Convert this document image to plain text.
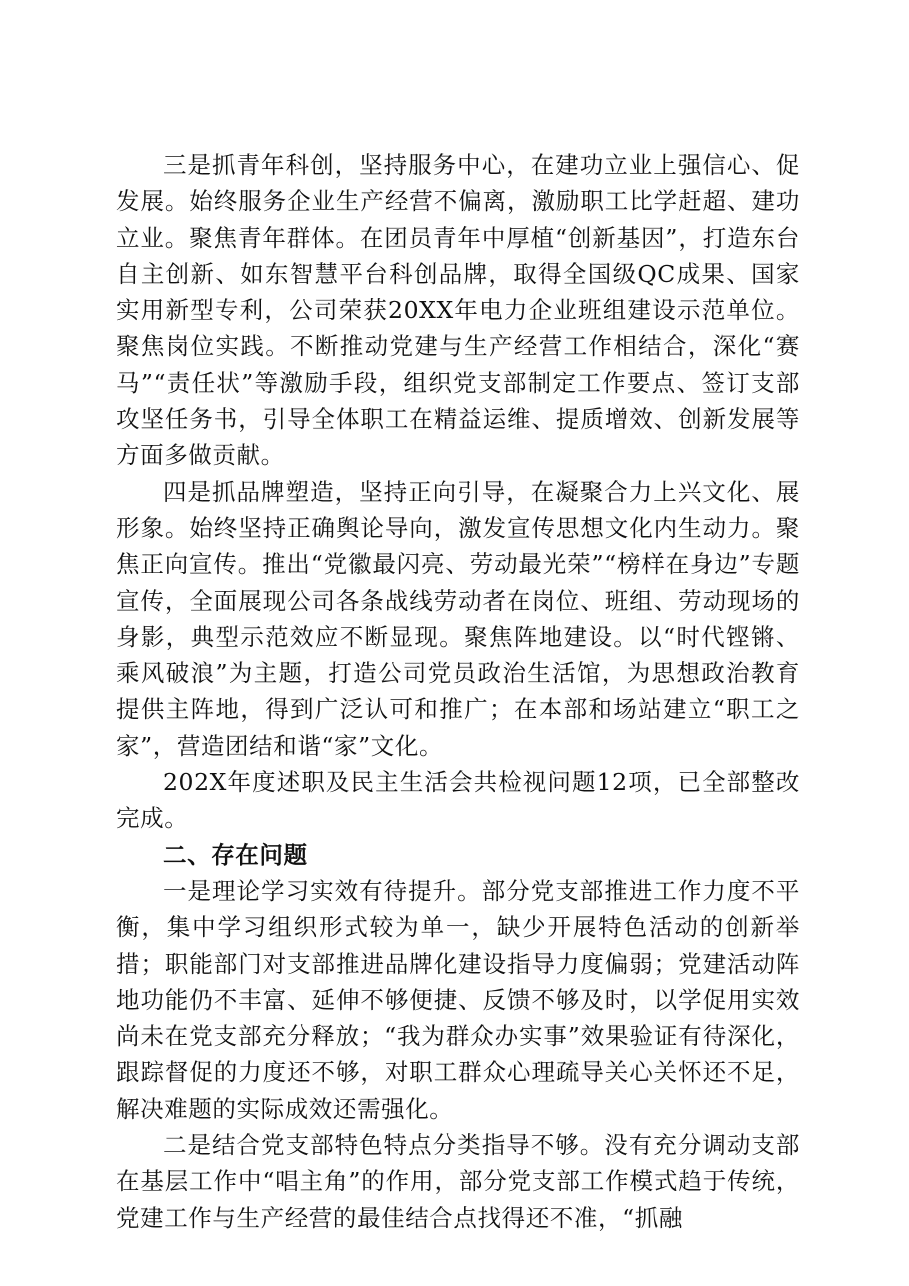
三是抓青年科创，坚持服务中心，在建功立业上强信心、促发展。始终服务企业生产经营不偏离，激励职工比学赶超、建功立业。聚焦青年群体。在团员青年中厚植“创新基因”，打造东台自主创新、如东智慧平台科创品牌，取得全国级QC成果、国家实用新型专利，公司荣获20XX年电力企业班组建设示范单位。聚焦岗位实践。不断推动党建与生产经营工作相结合，深化“赛马”“责任状”等激励手段，组织党支部制定工作要点、签订支部攻坚任务书，引导全体职工在精益运维、提质增效、创新发展等方面多做贡献。

四是抓品牌塑造，坚持正向引导，在凝聚合力上兴文化、展形象。始终坚持正确舆论导向，激发宣传思想文化内生动力。聚焦正向宣传。推出“党徽最闪亮、劳动最光荣”“榜样在身边”专题宣传，全面展现公司各条战线劳动者在岗位、班组、劳动现场的身影，典型示范效应不断显现。聚焦阵地建设。以“时代铿锵、乘风破浪”为主题，打造公司党员政治生活馆，为思想政治教育提供主阵地，得到广泛认可和推广；在本部和场站建立“职工之家”，营造团结和谐“家”文化。

202X年度述职及民主生活会共检视问题12项，已全部整改完成。

二、存在问题

一是理论学习实效有待提升。部分党支部推进工作力度不平衡，集中学习组织形式较为单一，缺少开展特色活动的创新举措；职能部门对支部推进品牌化建设指导力度偏弱；党建活动阵地功能仍不丰富、延伸不够便捷、反馈不够及时，以学促用实效尚未在党支部充分释放；“我为群众办实事”效果验证有待深化，跟踪督促的力度还不够，对职工群众心理疏导关心关怀还不足，解决难题的实际成效还需强化。

二是结合党支部特色特点分类指导不够。没有充分调动支部在基层工作中“唱主角”的作用，部分党支部工作模式趋于传统，党建工作与生产经营的最佳结合点找得还不准，“抓融
